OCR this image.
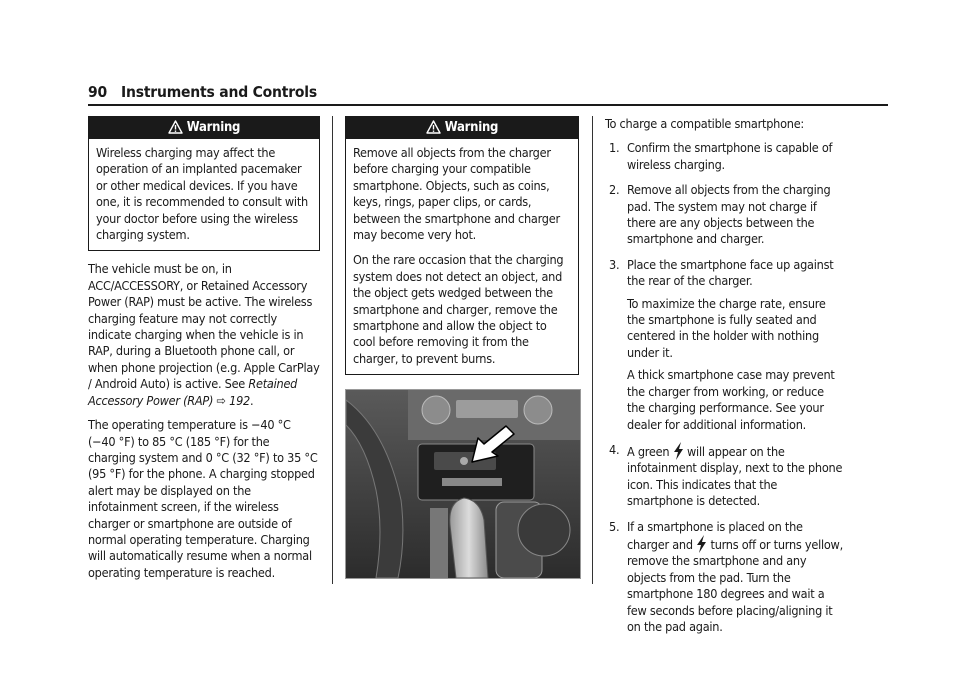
90 Instruments and Controls
Warning

Wireless charging may affect the operation of an implanted pacemaker or other medical devices. If you have one, it is recommended to consult with your doctor before using the wireless charging system.

The vehicle must be on, in ACC/ACCESSORY, or Retained Accessory Power (RAP) must be active. The wireless charging feature may not correctly indicate charging when the vehicle is in RAP, during a Bluetooth phone call, or when phone projection (e.g. Apple CarPlay / Android Auto) is active. See Retained Accessory Power (RAP) ⇨ 192.

The operating temperature is −40 °C (−40 °F) to 85 °C (185 °F) for the charging system and 0 °C (32 °F) to 35 °C (95 °F) for the phone. A charging stopped alert may be displayed on the infotainment screen, if the wireless charger or smartphone are outside of normal operating temperature. Charging will automatically resume when a normal operating temperature is reached.

Warning

Remove all objects from the charger before charging your compatible smartphone. Objects, such as coins, keys, rings, paper clips, or cards, between the smartphone and charger may become very hot.

On the rare occasion that the charging system does not detect an object, and the object gets wedged between the smartphone and charger, remove the smartphone and allow the object to cool before removing it from the charger, to prevent burns.

To charge a compatible smartphone:

1. Confirm the smartphone is capable of wireless charging.
2. Remove all objects from the charging pad. The system may not charge if there are any objects between the smartphone and charger.
3. Place the smartphone face up against the rear of the charger.

To maximize the charge rate, ensure the smartphone is fully seated and centered in the holder with nothing under it.

A thick smartphone case may prevent the charger from working, or reduce the charging performance. See your dealer for additional information.

4. A green will appear on the infotainment display, next to the phone icon. This indicates that the smartphone is detected.
5. If a smartphone is placed on the charger and turns off or turns yellow, remove the smartphone and any objects from the pad. Turn the smartphone 180 degrees and wait a few seconds before placing/aligning it on the pad again.
